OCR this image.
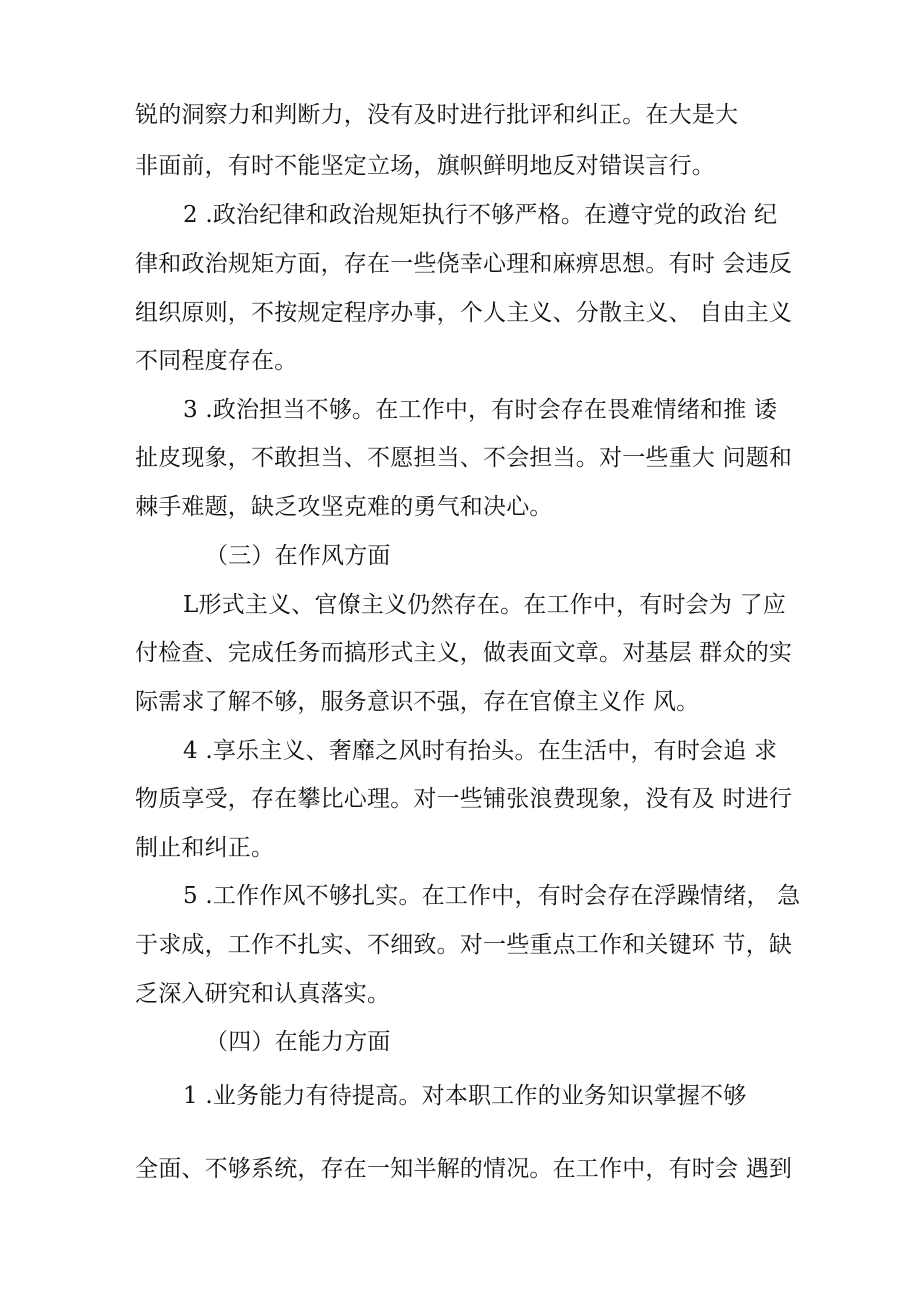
锐的洞察力和判断力，没有及时进行批评和纠正。在大是大
非面前，有时不能坚定立场，旗帜鲜明地反对错误言行。
2 .政治纪律和政治规矩执行不够严格。在遵守党的政治 纪
律和政治规矩方面，存在一些侥幸心理和麻痹思想。有时 会违反
组织原则，不按规定程序办事，个人主义、分散主义、 自由主义
不同程度存在。
3 .政治担当不够。在工作中，有时会存在畏难情绪和推 诿
扯皮现象，不敢担当、不愿担当、不会担当。对一些重大 问题和
棘手难题，缺乏攻坚克难的勇气和决心。
（三）在作风方面
L形式主义、官僚主义仍然存在。在工作中，有时会为 了应
付检查、完成任务而搞形式主义，做表面文章。对基层 群众的实
际需求了解不够，服务意识不强，存在官僚主义作 风。
4 .享乐主义、奢靡之风时有抬头。在生活中，有时会追 求
物质享受，存在攀比心理。对一些铺张浪费现象，没有及 时进行
制止和纠正。
5 .工作作风不够扎实。在工作中，有时会存在浮躁情绪， 急
于求成，工作不扎实、不细致。对一些重点工作和关键环 节，缺
乏深入研究和认真落实。
（四）在能力方面
1 .业务能力有待提高。对本职工作的业务知识掌握不够
全面、不够系统，存在一知半解的情况。在工作中，有时会 遇到
